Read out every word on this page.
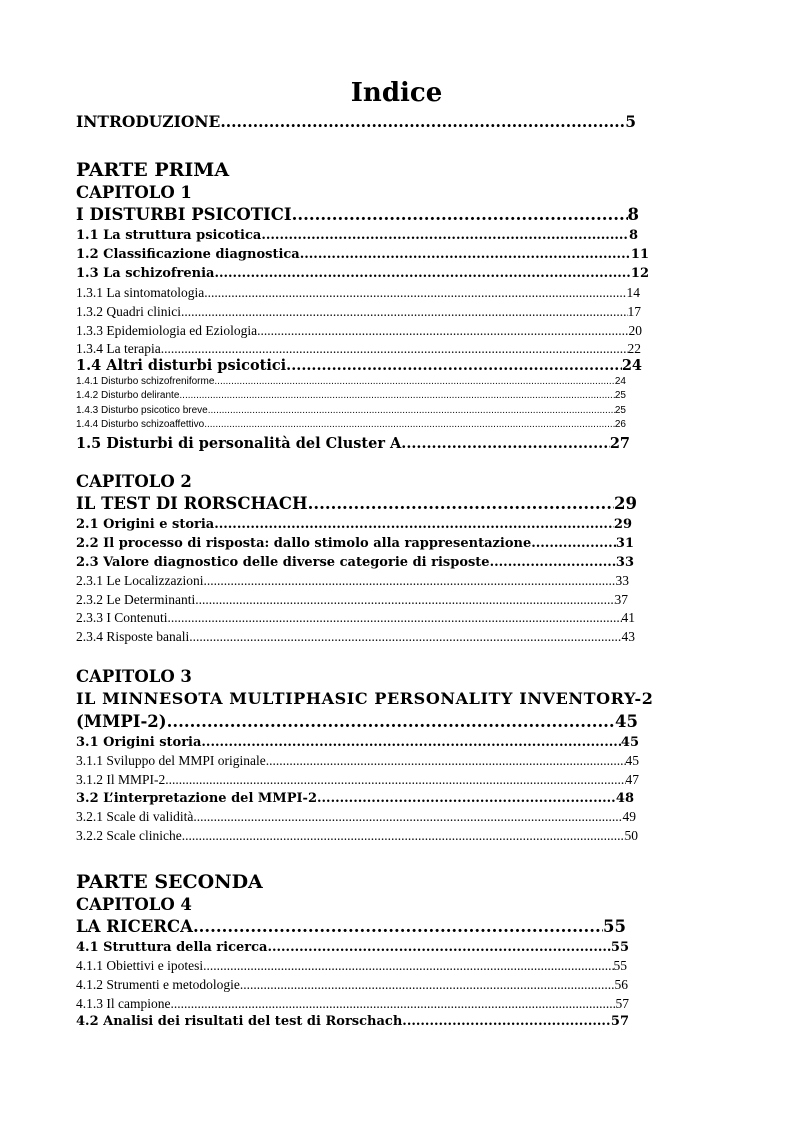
Indice
INTRODUZIONE .....	5
PARTE PRIMA
CAPITOLO 1
I DISTURBI PSICOTICI .....	8
1.1 La struttura psicotica .....	8
1.2 Classificazione diagnostica .....	11
1.3 La schizofrenia .....	12
1.3.1 La sintomatologia .....	14
1.3.2 Quadri clinici .....	17
1.3.3 Epidemiologia ed Eziologia .....	20
1.3.4 La terapia .....	22
1.4 Altri disturbi psicotici .....	24
1.4.1 Disturbo schizofreniforme .....	24
1.4.2 Disturbo delirante .....	25
1.4.3 Disturbo psicotico breve .....	25
1.4.4 Disturbo schizoaffettivo .....	26
1.5 Disturbi di personalità del Cluster A .....	27
CAPITOLO 2
IL TEST DI RORSCHACH .....	29
2.1 Origini e storia .....	29
2.2 Il processo di risposta: dallo stimolo alla rappresentazione .....	31
2.3 Valore diagnostico delle diverse categorie di risposte .....	33
2.3.1 Le Localizzazioni .....	33
2.3.2 Le Determinanti .....	37
2.3.3 I Contenuti .....	41
2.3.4 Risposte banali .....	43
CAPITOLO 3
IL MINNESOTA MULTIPHASIC PERSONALITY INVENTORY-2
(MMPI-2) .....	45
3.1 Origini storia .....	45
3.1.1 Sviluppo del MMPI originale .....	45
3.1.2 Il MMPI-2 .....	47
3.2 L’interpretazione del MMPI-2 .....	48
3.2.1 Scale di validità .....	49
3.2.2 Scale cliniche .....	50
PARTE SECONDA
CAPITOLO 4
LA RICERCA .....	55
4.1 Struttura della ricerca .....	55
4.1.1 Obiettivi e ipotesi .....	55
4.1.2 Strumenti e metodologie .....	56
4.1.3 Il campione .....	57
4.2 Analisi dei risultati del test di Rorschach .....	57
